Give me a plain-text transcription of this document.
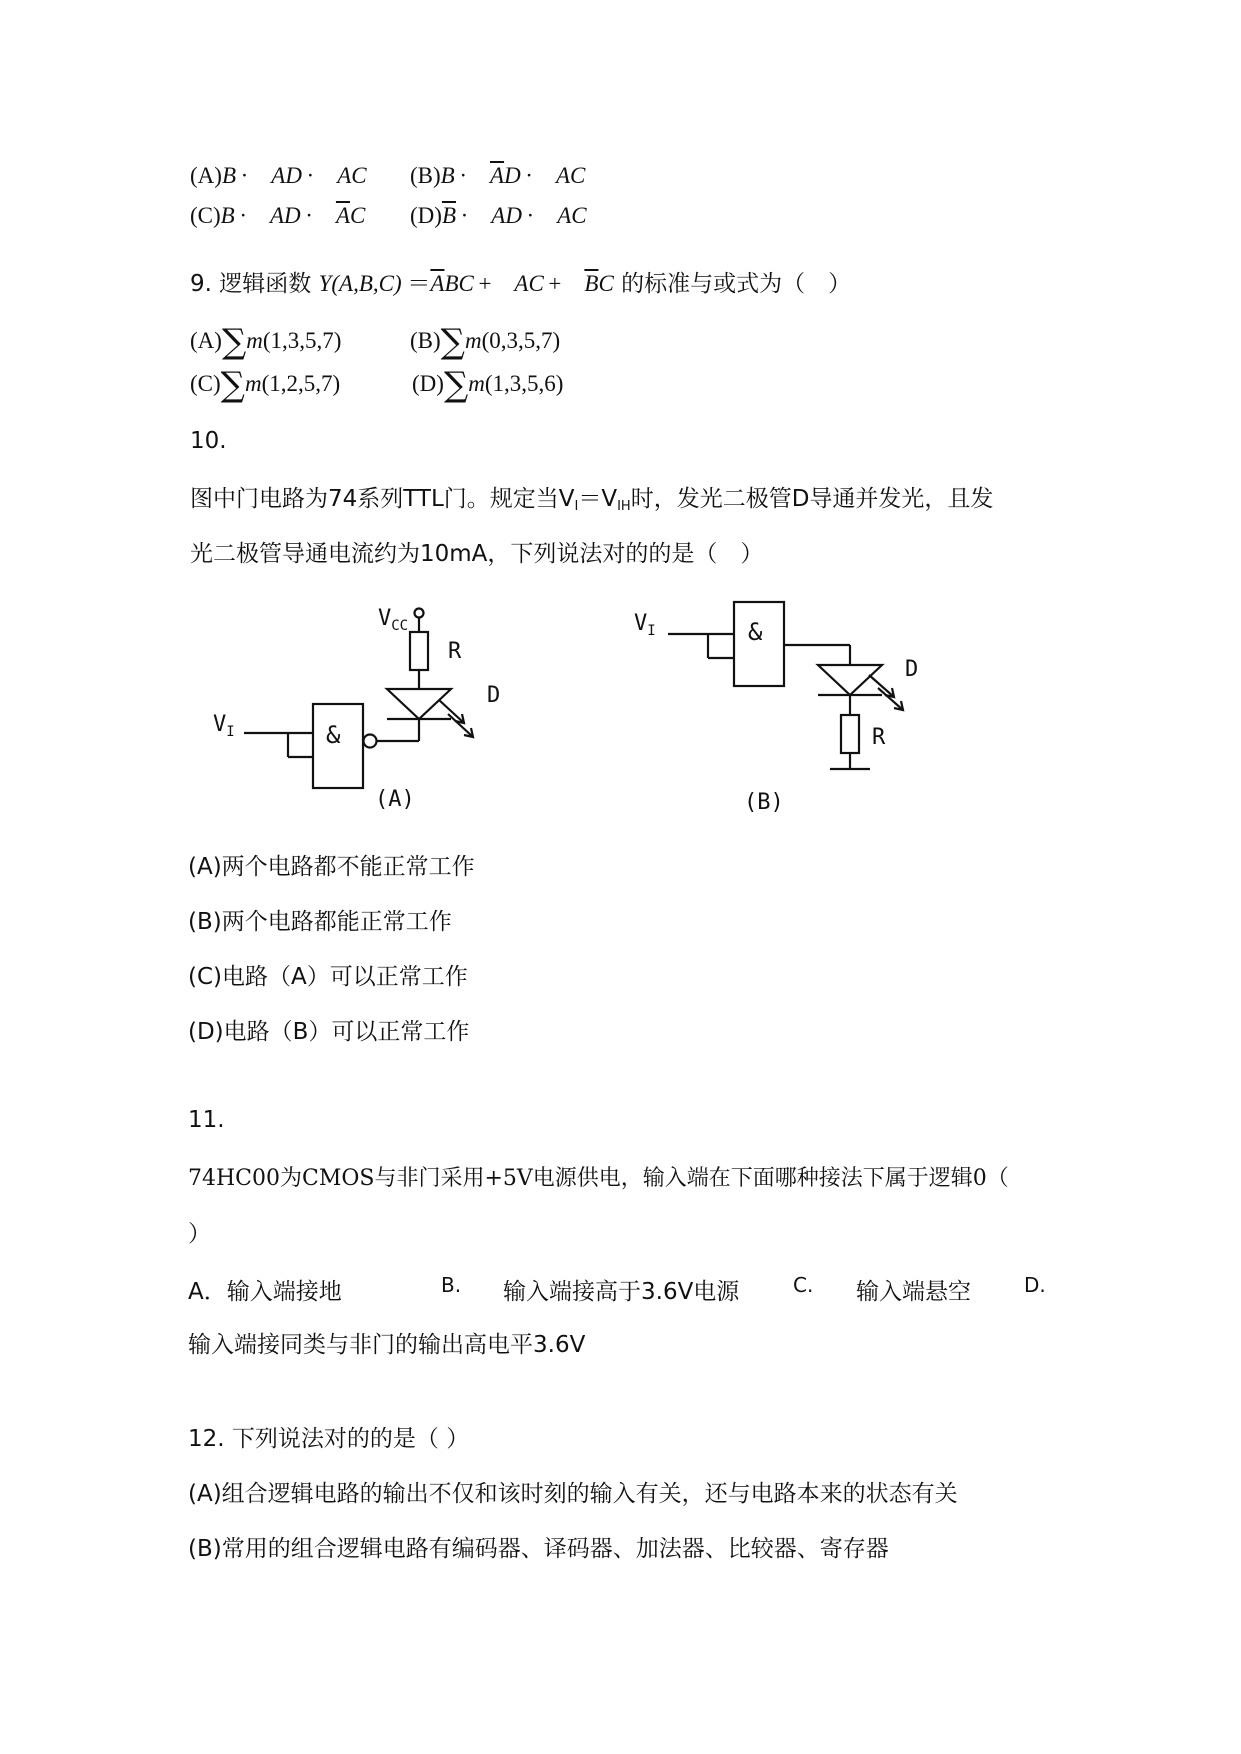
(A)B · AD · AC (B)B · $\overline{A}D$ · AC
(C)B · AD · $\overline{A}C$ $(D)\overline{B}$ · AD · AC
9. 逻辑函数 $Y(A,B,C) =\overline{A}BC$ + AC + $\overline{B}C$ 的标准与或式为（　）
(A)∑m(1,3,5,7)	(B)∑m(0,3,5,7)
(C)∑m(1,2,5,7)	(D)∑m(1,3,5,6)
10.
图中门电路为74系列TTL门。规定当$V_I=V_{IH}$时，发光二极管D导通并发光，且发
光二极管导通电流约为10mA，下列说法对的的是（　）
$V_{CC}$
R
D
$V_I$	&
(A)
$V_I$	&
D
R
(B)
(A)两个电路都不能正常工作
(B)两个电路都能正常工作
(C)电路（A）可以正常工作
(D)电路（B）可以正常工作
11.
74HC00为CMOS与非门采用+5V电源供电，输入端在下面哪种接法下属于逻辑0（
）
A．输入端接地	B. 输入端接高于3.6V电源	C. 输入端悬空	D.
输入端接同类与非门的输出高电平3.6V
12. 下列说法对的的是（ ）
(A)组合逻辑电路的输出不仅和该时刻的输入有关，还与电路本来的状态有关
(B)常用的组合逻辑电路有编码器、译码器、加法器、比较器、寄存器
